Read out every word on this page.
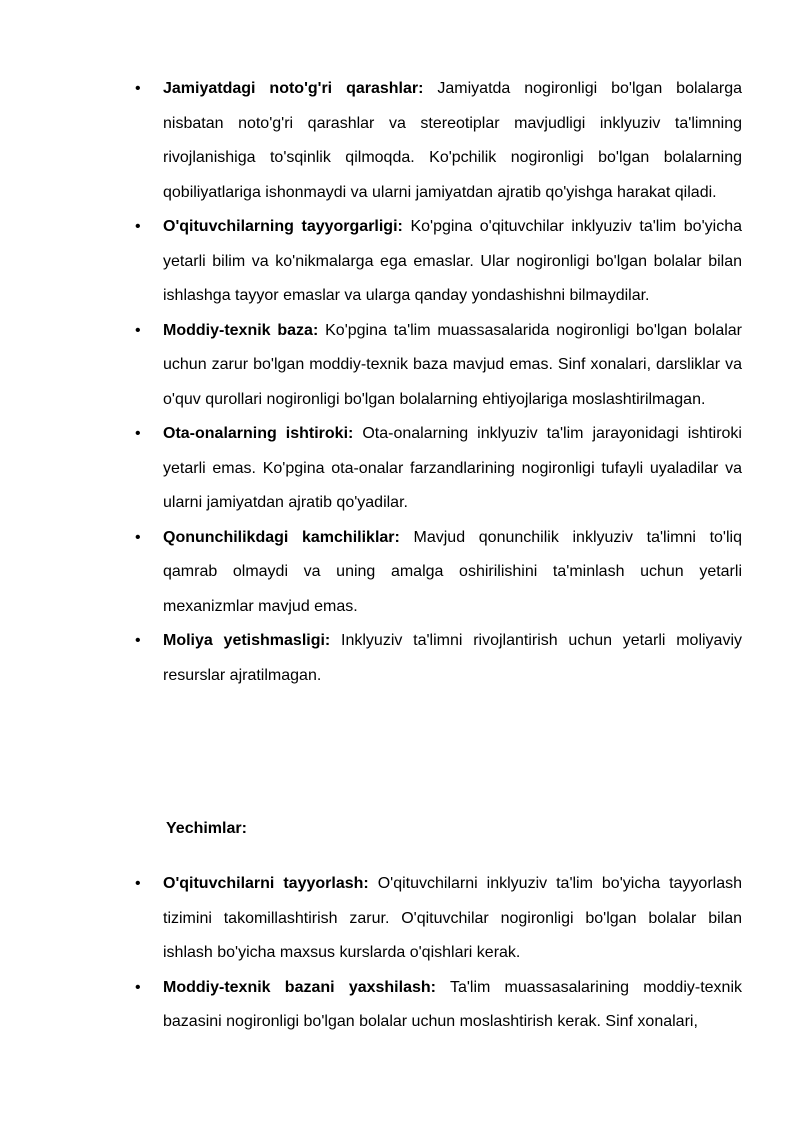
•	Jamiyatdagi noto'g'ri qarashlar: Jamiyatda nogironligi bo'lgan bolalarga nisbatan noto'g'ri qarashlar va stereotiplar mavjudligi inklyuziv ta'limning rivojlanishiga to'sqinlik qilmoqda. Ko'pchilik nogironligi bo'lgan bolalarning qobiliyatlariga ishonmaydi va ularni jamiyatdan ajratib qo'yishga harakat qiladi.
•	O'qituvchilarning tayyorgarligi: Ko'pgina o'qituvchilar inklyuziv ta'lim bo'yicha yetarli bilim va ko'nikmalarga ega emaslar. Ular nogironligi bo'lgan bolalar bilan ishlashga tayyor emaslar va ularga qanday yondashishni bilmaydilar.
•	Moddiy-texnik baza: Ko'pgina ta'lim muassasalarida nogironligi bo'lgan bolalar uchun zarur bo'lgan moddiy-texnik baza mavjud emas. Sinf xonalari, darsliklar va o'quv qurollari nogironligi bo'lgan bolalarning ehtiyojlariga moslashtirilmagan.
•	Ota-onalarning ishtiroki: Ota-onalarning inklyuziv ta'lim jarayonidagi ishtiroki yetarli emas. Ko'pgina ota-onalar farzandlarining nogironligi tufayli uyaladilar va ularni jamiyatdan ajratib qo'yadilar.
•	Qonunchilikdagi kamchiliklar: Mavjud qonunchilik inklyuziv ta'limni to'liq qamrab olmaydi va uning amalga oshirilishini ta'minlash uchun yetarli mexanizmlar mavjud emas.
•	Moliya yetishmasligi: Inklyuziv ta'limni rivojlantirish uchun yetarli moliyaviy resurslar ajratilmagan.
Yechimlar:
•	O'qituvchilarni tayyorlash: O'qituvchilarni inklyuziv ta'lim bo'yicha tayyorlash tizimini takomillashtirish zarur. O'qituvchilar nogironligi bo'lgan bolalar bilan ishlash bo'yicha maxsus kurslarda o'qishlari kerak.
•	Moddiy-texnik bazani yaxshilash: Ta'lim muassasalarining moddiy-texnik bazasini nogironligi bo'lgan bolalar uchun moslashtirish kerak. Sinf xonalari,
